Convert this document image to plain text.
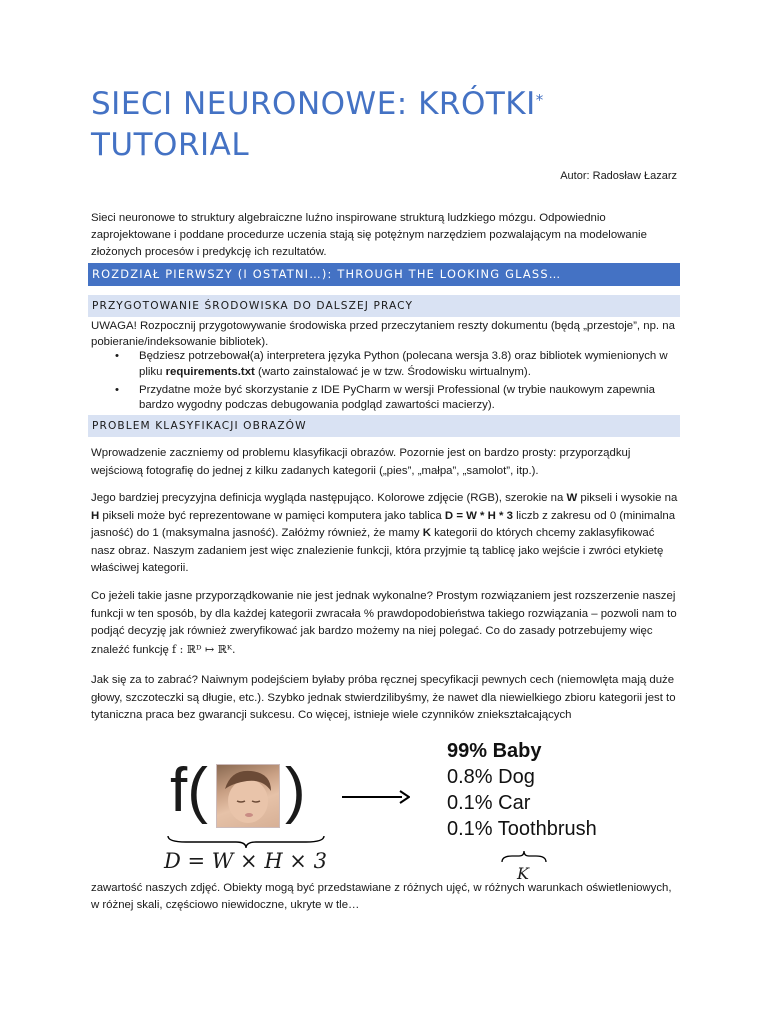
SIECI NEURONOWE: KRÓTKI*
TUTORIAL
Autor: Radosław Łazarz

Sieci neuronowe to struktury algebraiczne luźno inspirowane strukturą ludzkiego mózgu. Odpowiednio zaprojektowane i poddane procedurze uczenia stają się potężnym narzędziem pozwalającym na modelowanie złożonych procesów i predykcję ich rezultatów.

ROZDZIAŁ PIERWSZY (I OSTATNI…): THROUGH THE LOOKING GLASS…
PRZYGOTOWANIE ŚRODOWISKA DO DALSZEJ PRACY

UWAGA! Rozpocznij przygotowywanie środowiska przed przeczytaniem reszty dokumentu (będą „przestoje”, np. na pobieranie/indeksowanie bibliotek).

• Będziesz potrzebował(a) interpretera języka Python (polecana wersja 3.8) oraz bibliotek wymienionych w pliku requirements.txt (warto zainstalować je w tzw. Środowisku wirtualnym).
• Przydatne może być skorzystanie z IDE PyCharm w wersji Professional (w trybie naukowym zapewnia bardzo wygodny podczas debugowania podgląd zawartości macierzy).
PROBLEM KLASYFIKACJI OBRAZÓW

Wprowadzenie zaczniemy od problemu klasyfikacji obrazów. Pozornie jest on bardzo prosty: przyporządkuj wejściową fotografię do jednej z kilku zadanych kategorii („pies”, „małpa”, „samolot”, itp.).

Jego bardziej precyzyjna definicja wygląda następująco. Kolorowe zdjęcie (RGB), szerokie na W pikseli i wysokie na H pikseli może być reprezentowane w pamięci komputera jako tablica D = W * H * 3 liczb z zakresu od 0 (minimalna jasność) do 1 (maksymalna jasność). Załóżmy również, że mamy K kategorii do których chcemy zaklasyfikować nasz obraz. Naszym zadaniem jest więc znalezienie funkcji, która przyjmie tą tablicę jako wejście i zwróci etykietę właściwej kategorii.

Co jeżeli takie jasne przyporządkowanie nie jest jednak wykonalne? Prostym rozwiązaniem jest rozszerzenie naszej funkcji w ten sposób, by dla każdej kategorii zwracała % prawdopodobieństwa takiego rozwiązania – pozwoli nam to podjąć decyzję jak również zweryfikować jak bardzo możemy na niej polegać. Co do zasady potrzebujemy więc znaleźć funkcję f : ℝᴰ ↦ ℝᴷ.

Jak się za to zabrać? Naiwnym podejściem byłaby próba ręcznej specyfikacji pewnych cech (niemowlęta mają duże głowy, szczoteczki są długie, etc.). Szybko jednak stwierdzilibyśmy, że nawet dla niewielkiego zbioru kategorii jest to tytaniczna praca bez gwarancji sukcesu. Co więcej, istnieje wiele czynników zniekształcających

f( )
99% Baby
0.8% Dog
0.1% Car
0.1% Toothbrush
D = W × H × 3
K

zawartość naszych zdjęć. Obiekty mogą być przedstawiane z różnych ujęć, w różnych warunkach oświetleniowych, w różnej skali, częściowo niewidoczne, ukryte w tle…
